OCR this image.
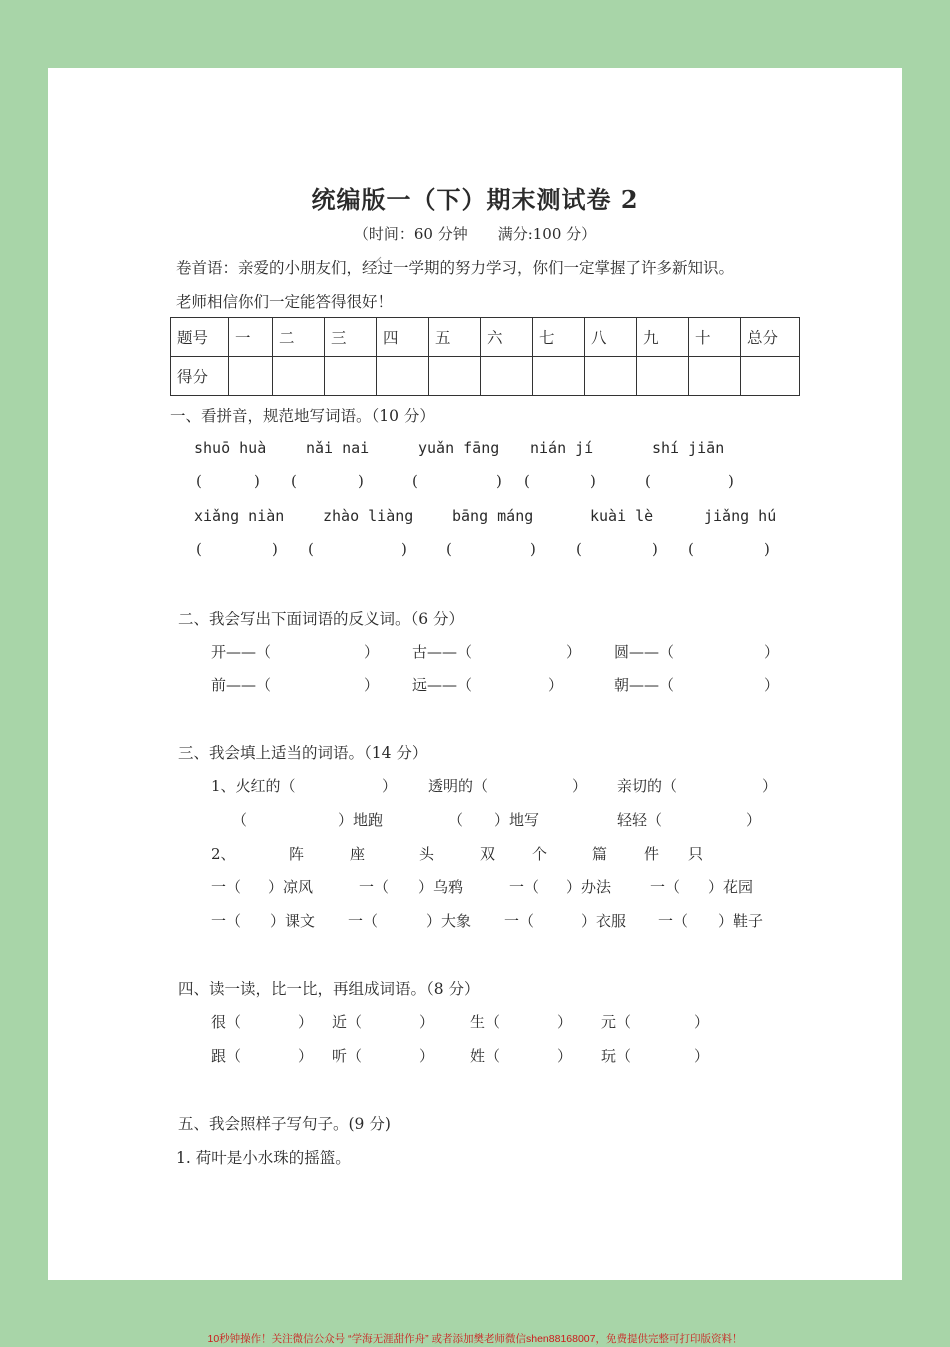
统编版一（下）期末测试卷 2
（时间：60 分钟　　满分:100 分）
卷首语：亲爱的小朋友们，经过一学期的努力学习，你们一定掌握了许多新知识。
老师相信你们一定能答得很好！
题号	一	二	三	四	五	六	七	八	九	十	总分
得分											
一、看拼音，规范地写词语。（10 分）
shuō huà	nǎi nai	yuǎn fāng nián jí	shí jiān
(	) (	)	(	) (	)	(	)
xiǎng niàn	zhào liàng	bāng máng	kuài lè	jiǎng hú
(	) (	)	(	)	(	) (	)
二、我会写出下面词语的反义词。（6 分）
开——（	） 古——（	） 圆——（	）
前——（	） 远——（	）	朝——（	）
三、我会填上适当的词语。（14 分）
1、火红的（	） 透明的（	） 亲切的（	）
（	）地跑	（ ）地写	轻轻（	）
2、	阵	座	头	双 个	篇 件 只
一（ ）凉风	一（ ）乌鸦	一（ ）办法	一（ ）花园
一（ ）课文 一（	）大象 一（	）衣服 一（ ）鞋子
四、读一读，比一比，再组成词语。（8 分）
很（	） 近（	） 生（	） 元（	）
跟（	） 听（	） 姓（	） 玩（	）
五、我会照样子写句子。(9 分)
1. 荷叶是小水珠的摇篮。
10秒钟操作！关注微信公众号 “学海无涯甜作舟” 或者添加樊老师微信shen88168007，免费提供完整可打印版资料！
